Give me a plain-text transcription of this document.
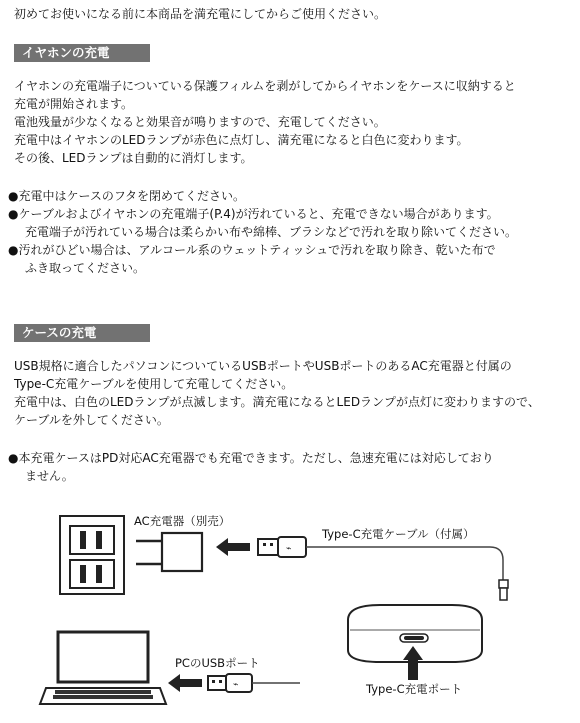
初めてお使いになる前に本商品を満充電にしてからご使用ください。
イヤホンの充電
イヤホンの充電端子についている保護フィルムを剥がしてからイヤホンをケースに収納すると
充電が開始されます。
電池残量が少なくなると効果音が鳴りますので、充電してください。
充電中はイヤホンのLEDランプが赤色に点灯し、満充電になると白色に変わります。
その後、LEDランプは自動的に消灯します。
●充電中はケースのフタを閉めてください。
●ケーブルおよびイヤホンの充電端子(P.4)が汚れていると、充電できない場合があります。
充電端子が汚れている場合は柔らかい布や綿棒、ブラシなどで汚れを取り除いてください。
●汚れがひどい場合は、アルコール系のウェットティッシュで汚れを取り除き、乾いた布で
ふき取ってください。
ケースの充電
USB規格に適合したパソコンについているUSBポートやUSBポートのあるAC充電器と付属の
Type-C充電ケーブルを使用して充電してください。
充電中は、白色のLEDランプが点滅します。満充電になるとLEDランプが点灯に変わりますので、
ケーブルを外してください。
●本充電ケースはPD対応AC充電器でも充電できます。ただし、急速充電には対応しており
ません。
⌁
⌁
AC充電器（別売）
Type-C充電ケーブル（付属）
PCのUSBポート
Type-C充電ポート
